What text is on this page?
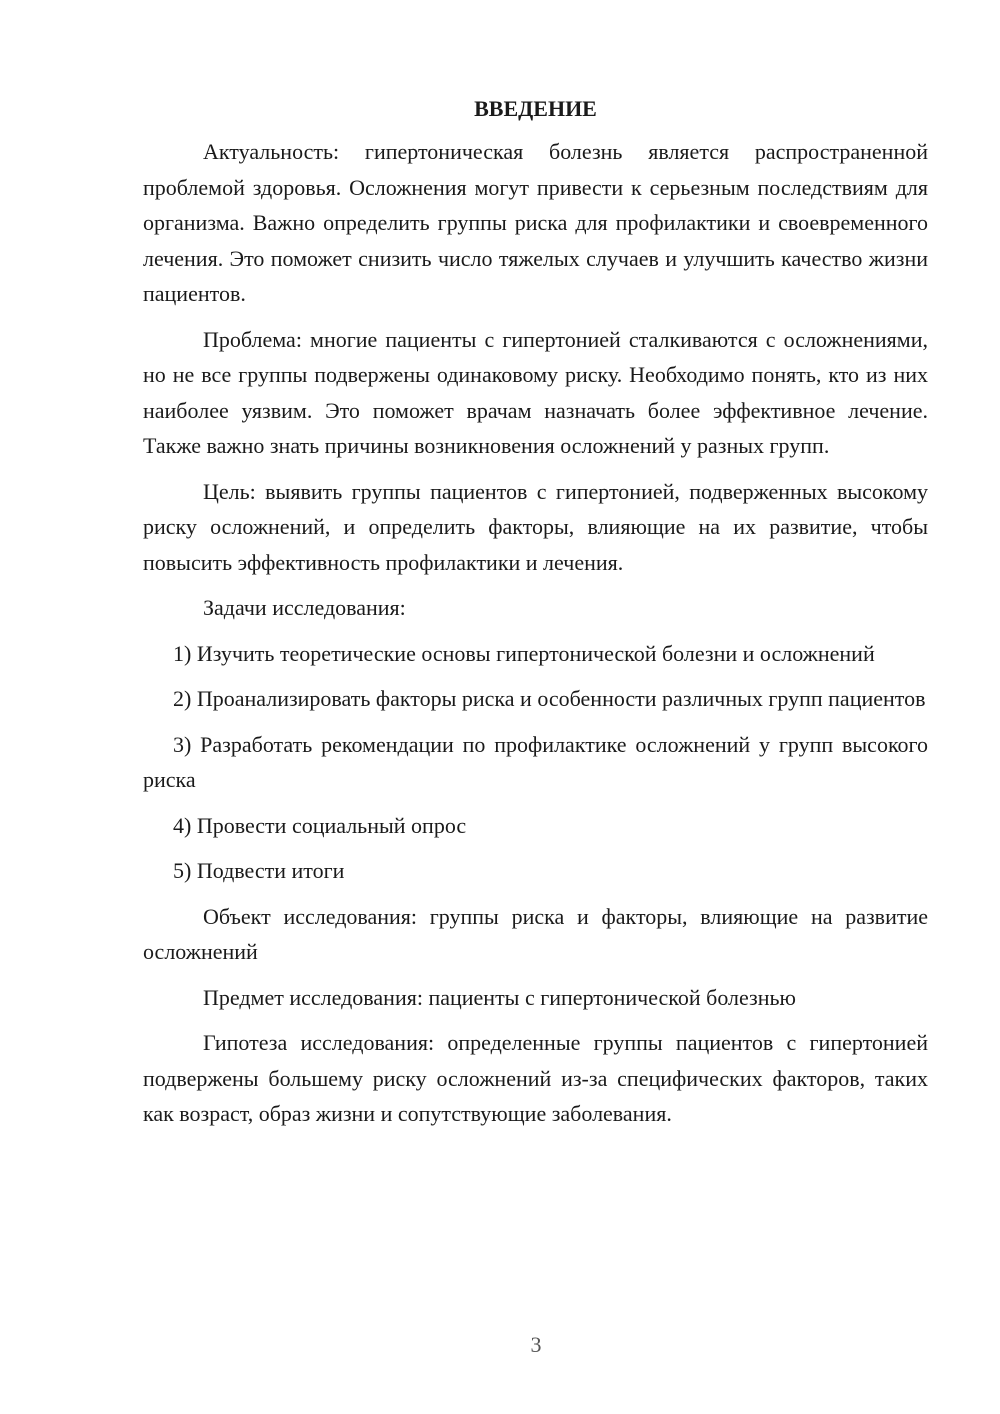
ВВЕДЕНИЕ

Актуальность: гипертоническая болезнь является распространенной проблемой здоровья. Осложнения могут привести к серьезным последствиям для организма. Важно определить группы риска для профилактики и своевременного лечения. Это поможет снизить число тяжелых случаев и улучшить качество жизни пациентов.

Проблема: многие пациенты с гипертонией сталкиваются с осложнениями, но не все группы подвержены одинаковому риску. Необходимо понять, кто из них наиболее уязвим. Это поможет врачам назначать более эффективное лечение. Также важно знать причины возникновения осложнений у разных групп.

Цель: выявить группы пациентов с гипертонией, подверженных высокому риску осложнений, и определить факторы, влияющие на их развитие, чтобы повысить эффективность профилактики и лечения.

Задачи исследования:

1) Изучить теоретические основы гипертонической болезни и осложнений

2) Проанализировать факторы риска и особенности различных групп пациентов

3) Разработать рекомендации по профилактике осложнений у групп высокого риска

4) Провести социальный опрос

5) Подвести итоги

Объект исследования: группы риска и факторы, влияющие на развитие осложнений

Предмет исследования: пациенты с гипертонической болезнью

Гипотеза исследования: определенные группы пациентов с гипертонией подвержены большему риску осложнений из-за специфических факторов, таких как возраст, образ жизни и сопутствующие заболевания.

3
